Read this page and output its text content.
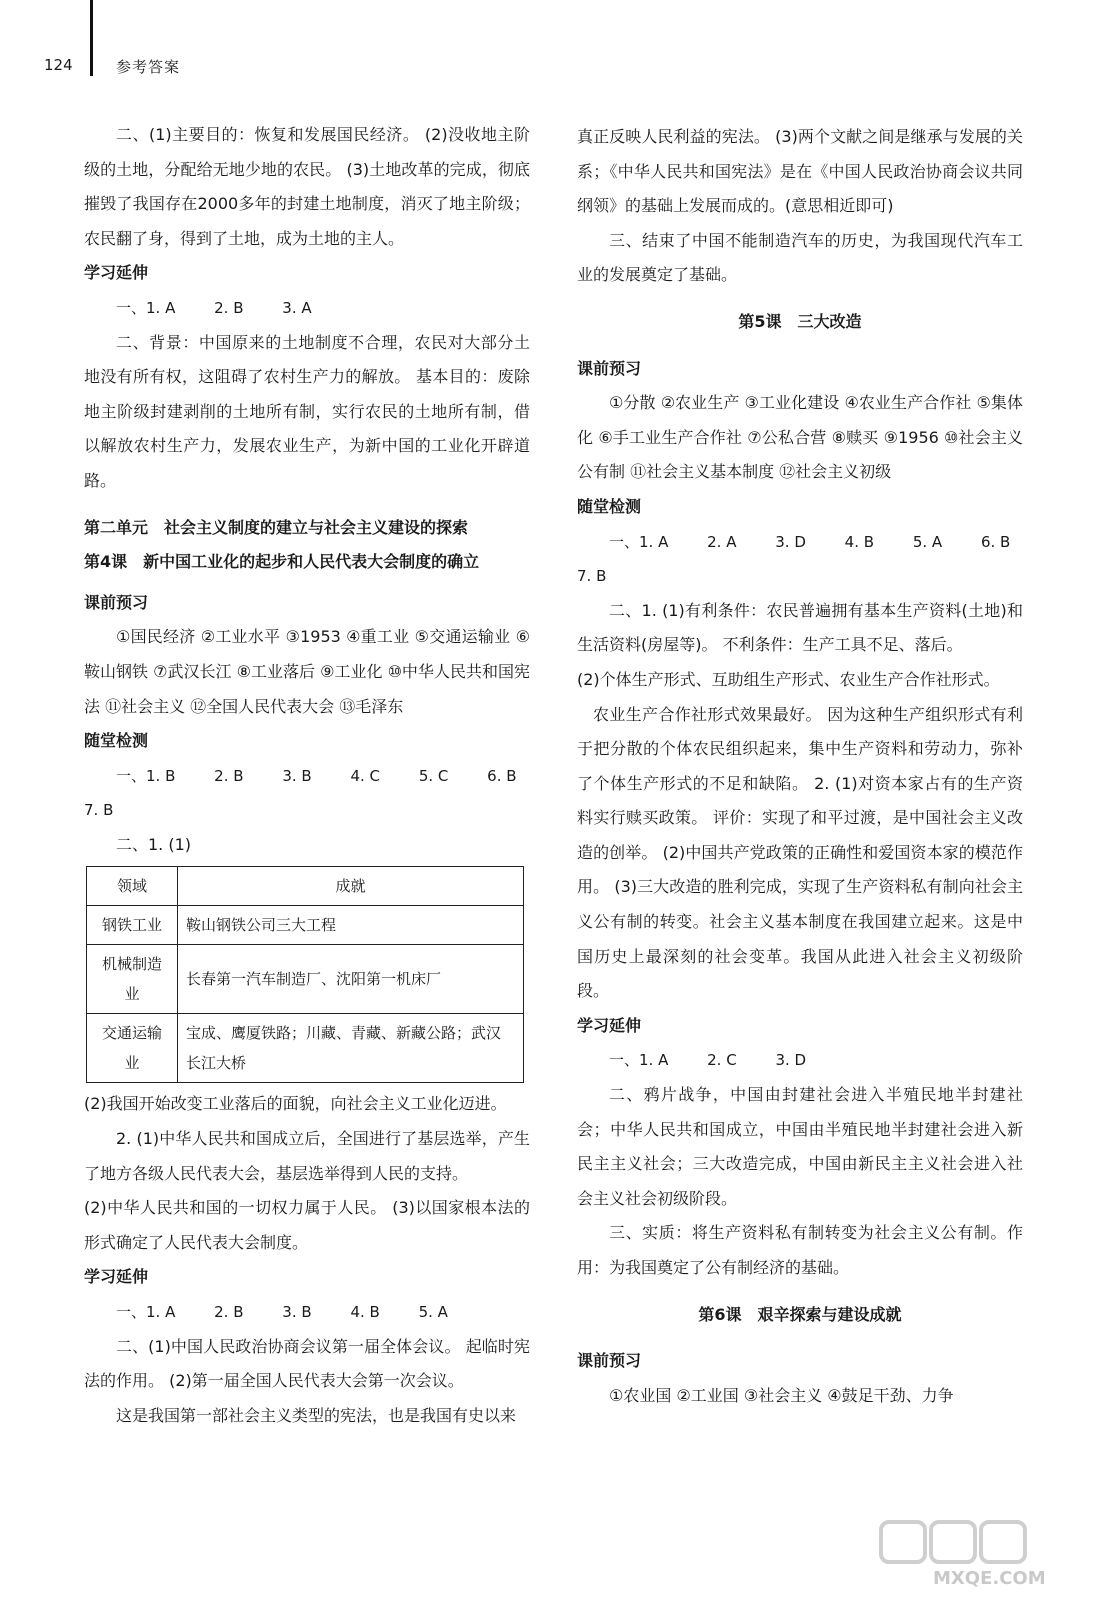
124	参考答案

二、(1)主要目的：恢复和发展国民经济。 (2)没收地主阶级的土地，分配给无地少地的农民。 (3)土地改革的完成，彻底摧毁了我国存在2000多年的封建土地制度，消灭了地主阶级；农民翻了身，得到了土地，成为土地的主人。

学习延伸

一、1. A	2. B	3. A

二、背景：中国原来的土地制度不合理，农民对大部分土地没有所有权，这阻碍了农村生产力的解放。 基本目的：废除地主阶级封建剥削的土地所有制，实行农民的土地所有制，借以解放农村生产力，发展农业生产，为新中国的工业化开辟道路。

第二单元　社会主义制度的建立与社会主义建设的探索

第4课　新中国工业化的起步和人民代表大会制度的确立

课前预习

①国民经济 ②工业水平 ③1953 ④重工业 ⑤交通运输业 ⑥鞍山钢铁 ⑦武汉长江 ⑧工业落后 ⑨工业化 ⑩中华人民共和国宪法 ⑪社会主义 ⑫全国人民代表大会 ⑬毛泽东

随堂检测

一、1. B	2. B	3. B	4. C	5. C	6. B

7. B

二、1. (1)

领域	成就
钢铁工业	鞍山钢铁公司三大工程
机械制造业	长春第一汽车制造厂、沈阳第一机床厂
交通运输业	宝成、鹰厦铁路；川藏、青藏、新藏公路；武汉长江大桥

(2)我国开始改变工业落后的面貌，向社会主义工业化迈进。

2. (1)中华人民共和国成立后，全国进行了基层选举，产生了地方各级人民代表大会，基层选举得到人民的支持。

(2)中华人民共和国的一切权力属于人民。 (3)以国家根本法的形式确定了人民代表大会制度。

学习延伸

一、1. A	2. B	3. B	4. B	5. A

二、(1)中国人民政治协商会议第一届全体会议。 起临时宪法的作用。 (2)第一届全国人民代表大会第一次会议。

这是我国第一部社会主义类型的宪法，也是我国有史以来

真正反映人民利益的宪法。 (3)两个文献之间是继承与发展的关系；《中华人民共和国宪法》是在《中国人民政治协商会议共同纲领》的基础上发展而成的。(意思相近即可)

三、结束了中国不能制造汽车的历史，为我国现代汽车工业的发展奠定了基础。

第5课　三大改造

课前预习

①分散 ②农业生产 ③工业化建设 ④农业生产合作社 ⑤集体化 ⑥手工业生产合作社 ⑦公私合营 ⑧赎买 ⑨1956 ⑩社会主义公有制 ⑪社会主义基本制度 ⑫社会主义初级

随堂检测

一、1. A	2. A	3. D	4. B	5. A	6. B

7. B

二、1. (1)有利条件：农民普遍拥有基本生产资料(土地)和生活资料(房屋等)。 不利条件：生产工具不足、落后。

(2)个体生产形式、互助组生产形式、农业生产合作社形式。

农业生产合作社形式效果最好。 因为这种生产组织形式有利于把分散的个体农民组织起来，集中生产资料和劳动力，弥补了个体生产形式的不足和缺陷。 2. (1)对资本家占有的生产资料实行赎买政策。 评价：实现了和平过渡，是中国社会主义改造的创举。 (2)中国共产党政策的正确性和爱国资本家的模范作用。 (3)三大改造的胜利完成，实现了生产资料私有制向社会主义公有制的转变。社会主义基本制度在我国建立起来。这是中国历史上最深刻的社会变革。我国从此进入社会主义初级阶段。

学习延伸

一、1. A	2. C	3. D

二、鸦片战争，中国由封建社会进入半殖民地半封建社会；中华人民共和国成立，中国由半殖民地半封建社会进入新民主主义社会；三大改造完成，中国由新民主主义社会进入社会主义社会初级阶段。

三、实质：将生产资料私有制转变为社会主义公有制。作用：为我国奠定了公有制经济的基础。

第6课　艰辛探索与建设成就

课前预习

①农业国 ②工业国 ③社会主义 ④鼓足干劲、力争

MXQE.COM
